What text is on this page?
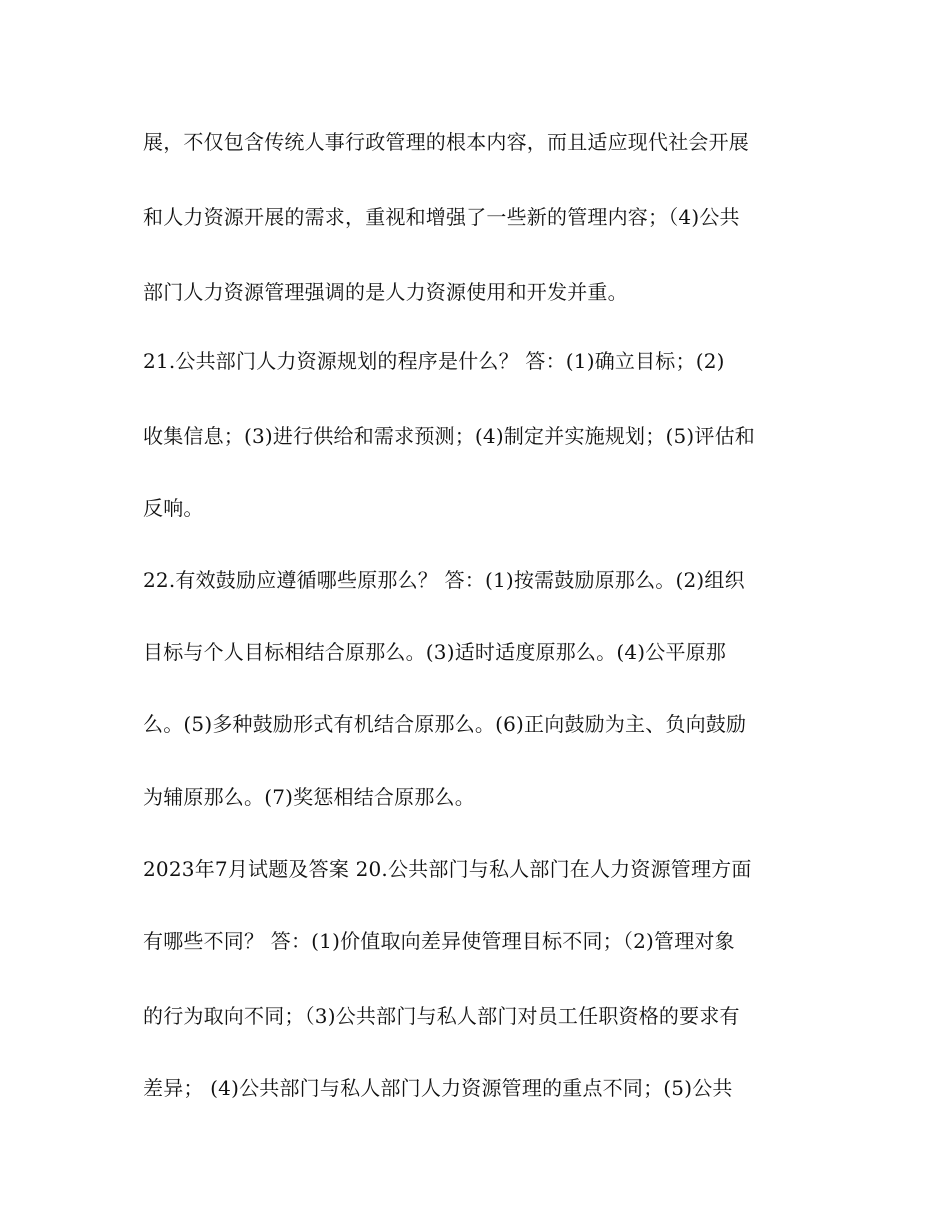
展，不仅包含传统人事行政管理的根本内容，而且适应现代社会开展
和人力资源开展的需求，重视和增强了一些新的管理内容；（4)公共
部门人力资源管理强调的是人力资源使用和开发并重。
21.公共部门人力资源规划的程序是什么？ 答：(1)确立目标；(2)
收集信息；(3)进行供给和需求预测；(4)制定并实施规划；(5)评估和
反响。
22.有效鼓励应遵循哪些原那么？ 答：(1)按需鼓励原那么。(2)组织
目标与个人目标相结合原那么。(3)适时适度原那么。(4)公平原那
么。(5)多种鼓励形式有机结合原那么。(6)正向鼓励为主、负向鼓励
为辅原那么。(7)奖惩相结合原那么。
2023年7月试题及答案 20.公共部门与私人部门在人力资源管理方面
有哪些不同？ 答：(1)价值取向差异使管理目标不同；（2)管理对象
的行为取向不同；（3)公共部门与私人部门对员工任职资格的要求有
差异； (4)公共部门与私人部门人力资源管理的重点不同；(5)公共
